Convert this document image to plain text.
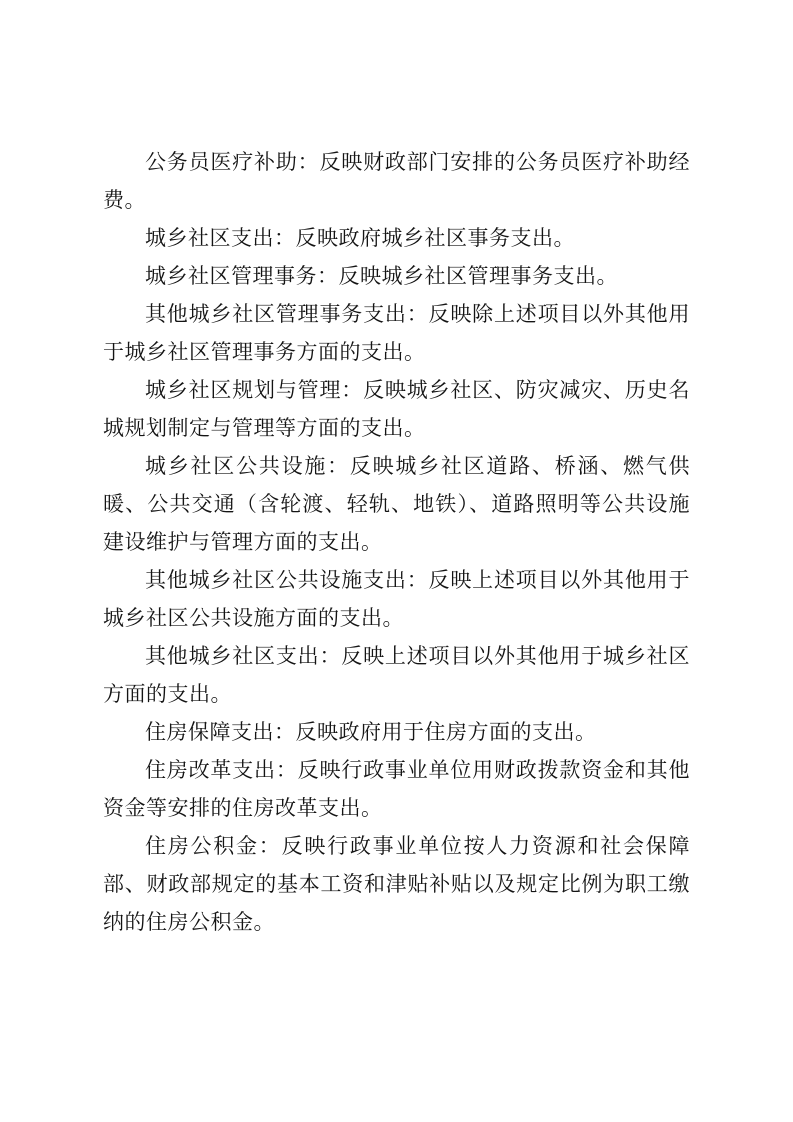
公务员医疗补助：反映财政部门安排的公务员医疗补助经费。

城乡社区支出：反映政府城乡社区事务支出。

城乡社区管理事务：反映城乡社区管理事务支出。

其他城乡社区管理事务支出：反映除上述项目以外其他用于城乡社区管理事务方面的支出。

城乡社区规划与管理：反映城乡社区、防灾减灾、历史名城规划制定与管理等方面的支出。

城乡社区公共设施：反映城乡社区道路、桥涵、燃气供暖、公共交通（含轮渡、轻轨、地铁）、道路照明等公共设施建设维护与管理方面的支出。

其他城乡社区公共设施支出：反映上述项目以外其他用于城乡社区公共设施方面的支出。

其他城乡社区支出：反映上述项目以外其他用于城乡社区方面的支出。

住房保障支出：反映政府用于住房方面的支出。

住房改革支出：反映行政事业单位用财政拨款资金和其他资金等安排的住房改革支出。

住房公积金：反映行政事业单位按人力资源和社会保障部、财政部规定的基本工资和津贴补贴以及规定比例为职工缴纳的住房公积金。
